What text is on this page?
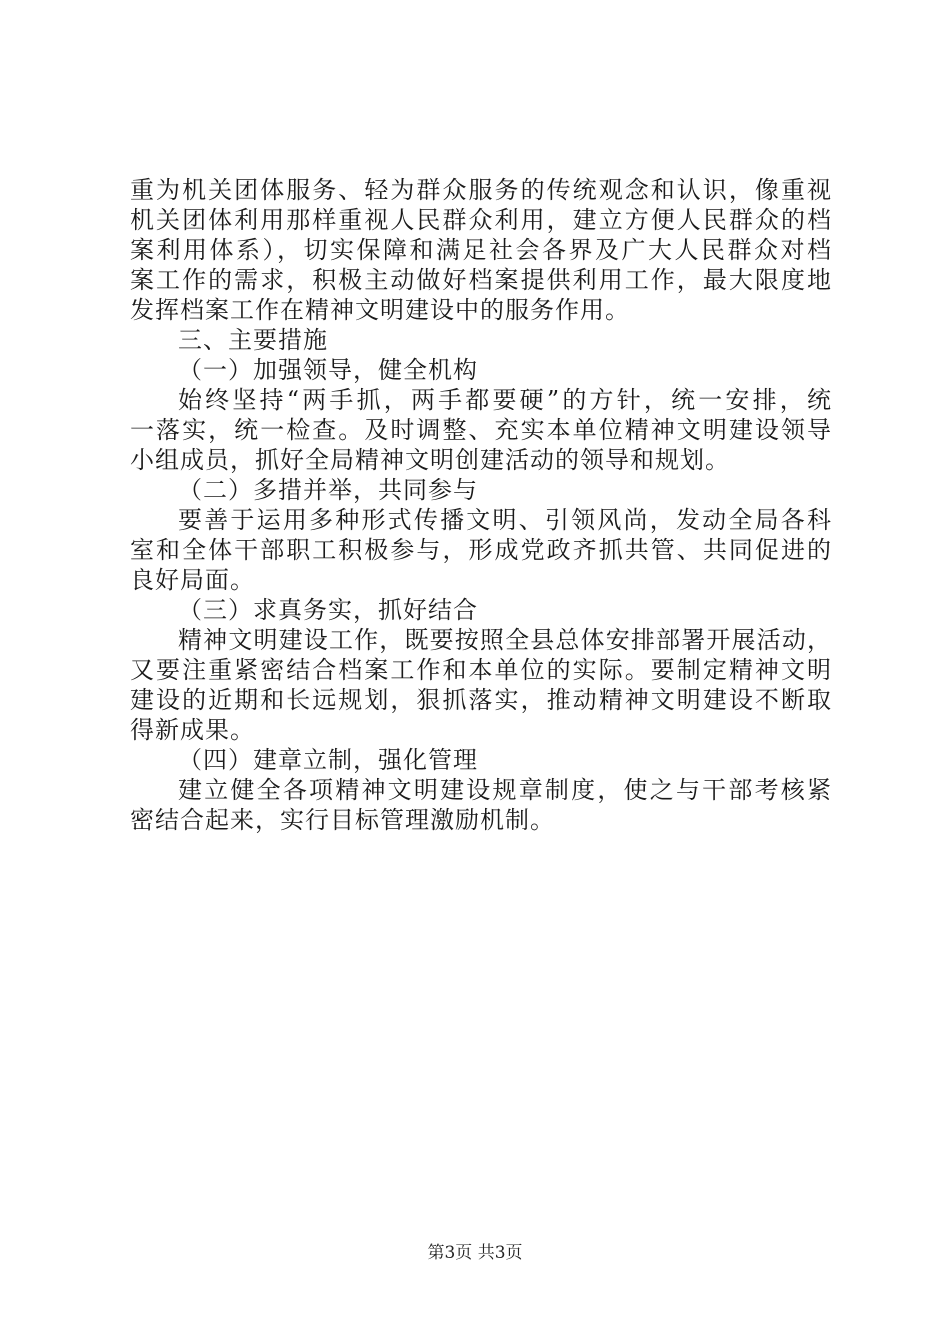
重为机关团体服务、轻为群众服务的传统观念和认识，像重视
机关团体利用那样重视人民群众利用，建立方便人民群众的档
案利用体系），切实保障和满足社会各界及广大人民群众对档
案工作的需求，积极主动做好档案提供利用工作，最大限度地
发挥档案工作在精神文明建设中的服务作用。
三、主要措施
（一）加强领导，健全机构
始终坚持“两手抓，两手都要硬”的方针，统一安排，统
一落实，统一检查。及时调整、充实本单位精神文明建设领导
小组成员，抓好全局精神文明创建活动的领导和规划。
（二）多措并举，共同参与
要善于运用多种形式传播文明、引领风尚，发动全局各科
室和全体干部职工积极参与，形成党政齐抓共管、共同促进的
良好局面。
（三）求真务实，抓好结合
精神文明建设工作，既要按照全县总体安排部署开展活动，
又要注重紧密结合档案工作和本单位的实际。要制定精神文明
建设的近期和长远规划，狠抓落实，推动精神文明建设不断取
得新成果。
（四）建章立制，强化管理
建立健全各项精神文明建设规章制度，使之与干部考核紧
密结合起来，实行目标管理激励机制。
第3页 共3页
